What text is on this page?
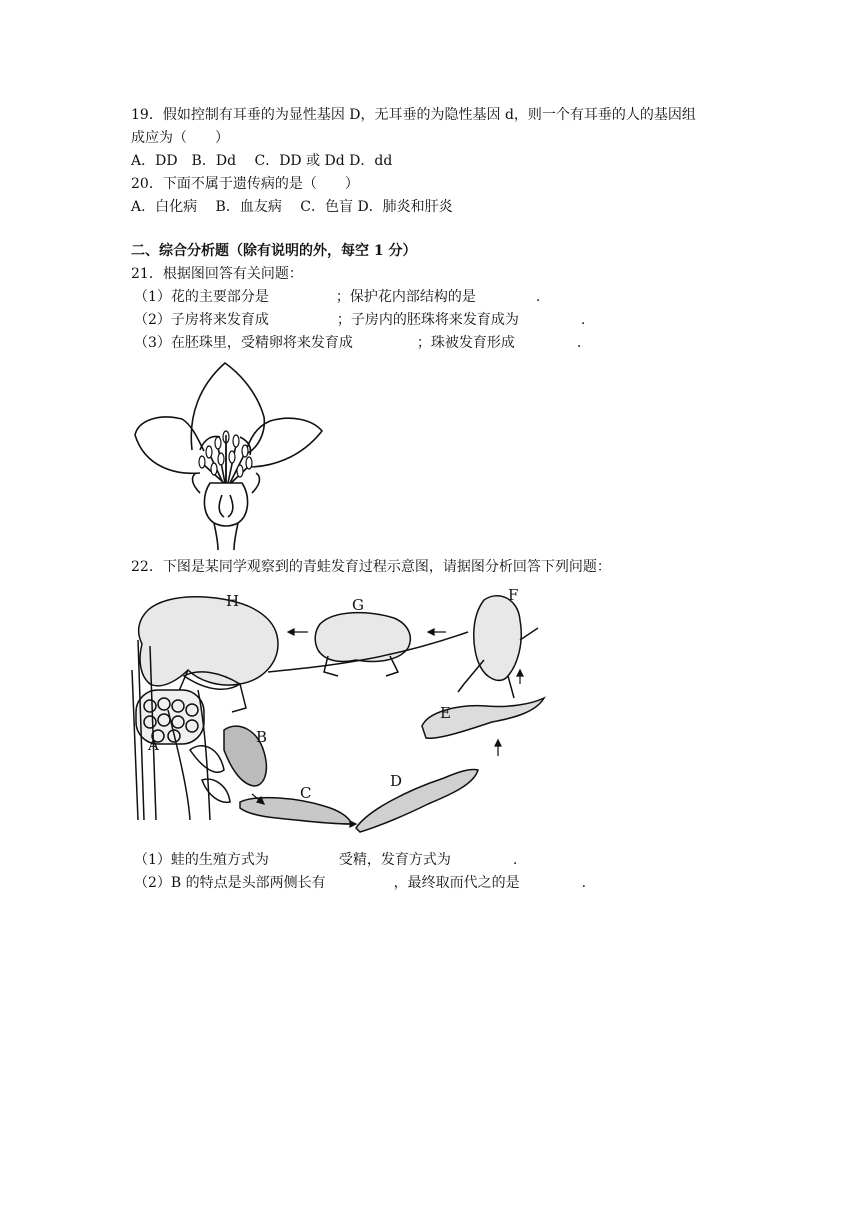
19．假如控制有耳垂的为显性基因 D，无耳垂的为隐性基因 d，则一个有耳垂的人的基因组
成应为（　　）
A．DD　B．Dd　 C．DD 或 Dd D．dd
20．下面不属于遗传病的是（　　）
A．白化病　 B．血友病　 C．色盲 D．肺炎和肝炎
二、综合分析题（除有说明的外，每空 1 分）
21．根据图回答有关问题：
（1）花的主要部分是	；保护花内部结构的是	.
（2）子房将来发育成	；子房内的胚珠将来发育成为	.
（3）在胚珠里，受精卵将来发育成	；珠被发育形成	.
22．下图是某同学观察到的青蛙发育过程示意图，请据图分析回答下列问题：
A	B
C
D
E
F
G
H
（1）蛙的生殖方式为	受精，发育方式为	.
（2）B 的特点是头部两侧长有	，最终取而代之的是	.
